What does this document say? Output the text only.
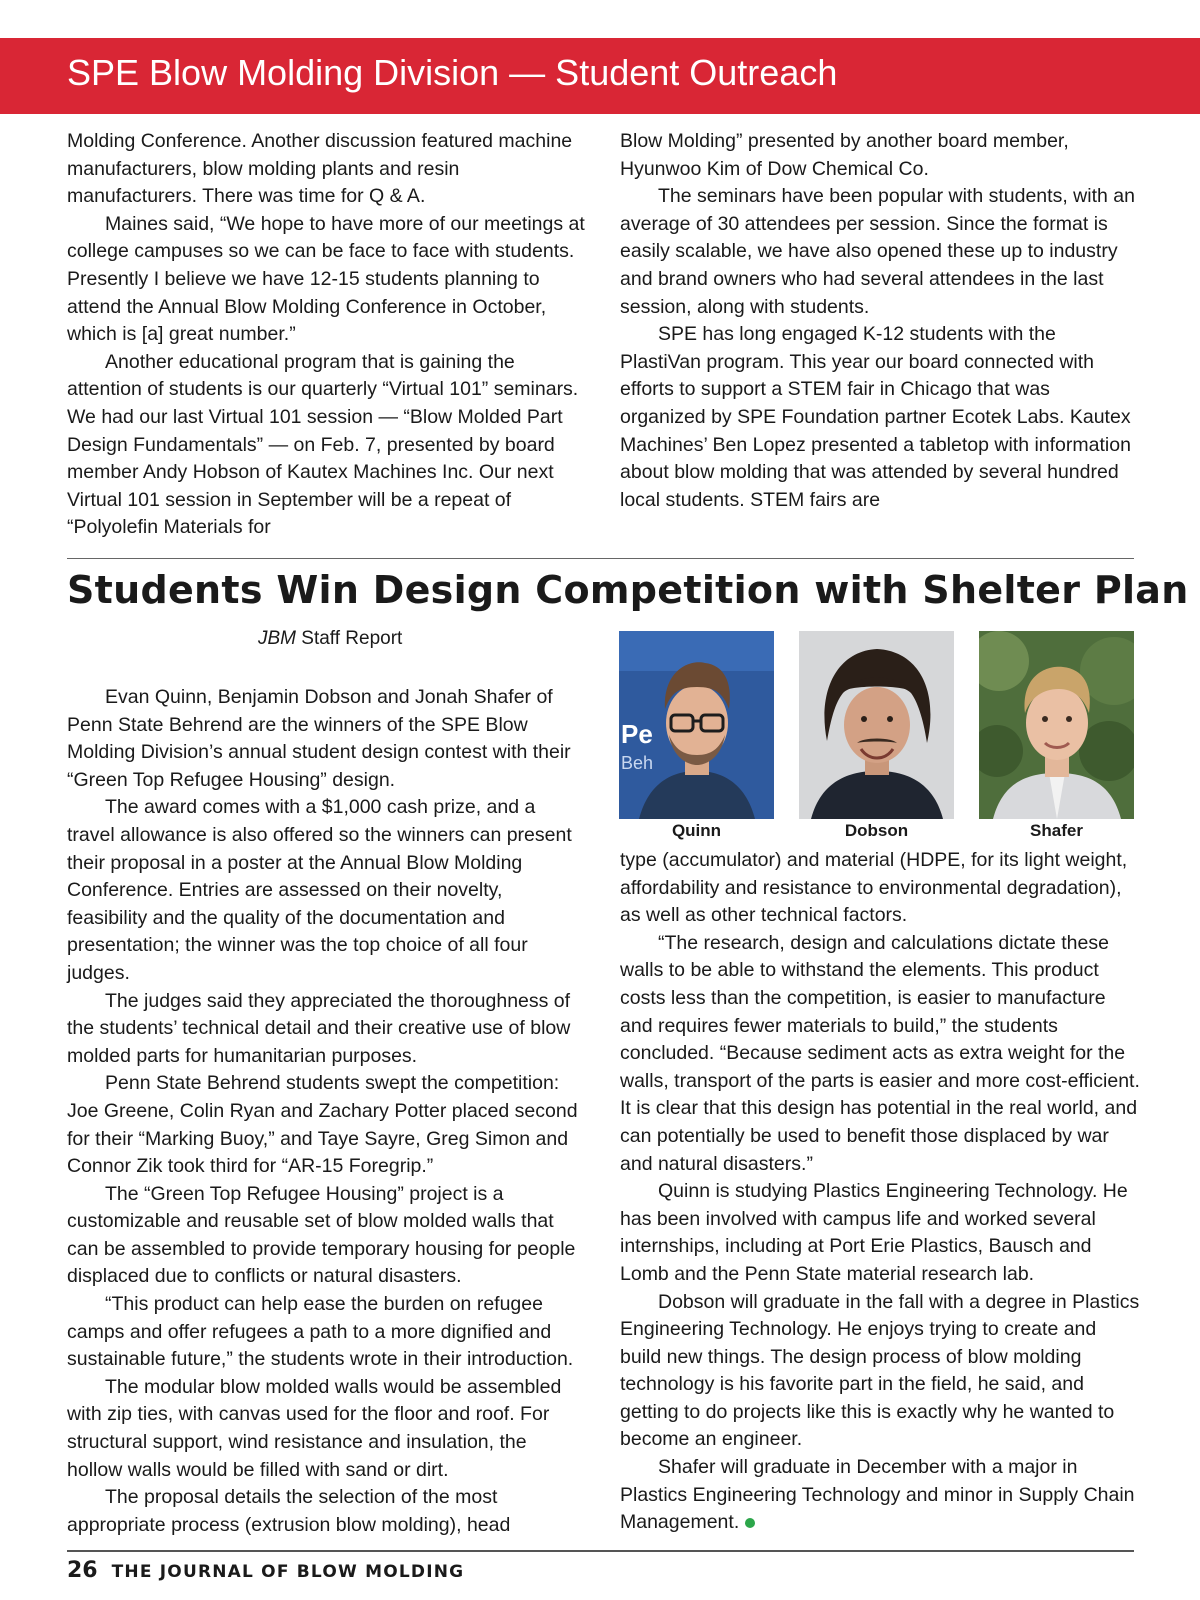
SPE Blow Molding Division — Student Outreach

Molding Conference. Another discussion featured machine manufacturers, blow molding plants and resin manufacturers. There was time for Q & A.

Maines said, “We hope to have more of our meetings at college campuses so we can be face to face with students. Presently I believe we have 12-15 students planning to attend the Annual Blow Molding Conference in October, which is [a] great number.”

Another educational program that is gaining the attention of students is our quarterly “Virtual 101” seminars. We had our last Virtual 101 session — “Blow Molded Part Design Fundamentals” — on Feb. 7, presented by board member Andy Hobson of Kautex Machines Inc. Our next Virtual 101 session in September will be a repeat of “Polyolefin Materials for

Blow Molding” presented by another board member, Hyunwoo Kim of Dow Chemical Co.

The seminars have been popular with students, with an average of 30 attendees per session. Since the format is easily scalable, we have also opened these up to industry and brand owners who had several attendees in the last session, along with students.

SPE has long engaged K-12 students with the PlastiVan program. This year our board connected with efforts to support a STEM fair in Chicago that was organized by SPE Foundation partner Ecotek Labs. Kautex Machines’ Ben Lopez presented a tabletop with information about blow molding that was attended by several hundred local students. STEM fairs are

Students Win Design Competition with Shelter Plan
JBM Staff Report
Pe
Beh
Quinn	Dobson	Shafer

Evan Quinn, Benjamin Dobson and Jonah Shafer of Penn State Behrend are the winners of the SPE Blow Molding Division’s annual student design contest with their “Green Top Refugee Housing” design.

The award comes with a $1,000 cash prize, and a travel allowance is also offered so the winners can present their proposal in a poster at the Annual Blow Molding Conference. Entries are assessed on their novelty, feasibility and the quality of the documentation and presentation; the winner was the top choice of all four judges.

The judges said they appreciated the thoroughness of the students’ technical detail and their creative use of blow molded parts for humanitarian purposes.

Penn State Behrend students swept the competition: Joe Greene, Colin Ryan and Zachary Potter placed second for their “Marking Buoy,” and Taye Sayre, Greg Simon and Connor Zik took third for “AR-15 Foregrip.”

The “Green Top Refugee Housing” project is a customizable and reusable set of blow molded walls that can be assembled to provide temporary housing for people displaced due to conflicts or natural disasters.

“This product can help ease the burden on refugee camps and offer refugees a path to a more dignified and sustainable future,” the students wrote in their introduction.

The modular blow molded walls would be assembled with zip ties, with canvas used for the floor and roof. For structural support, wind resistance and insulation, the hollow walls would be filled with sand or dirt.

The proposal details the selection of the most appropriate process (extrusion blow molding), head

type (accumulator) and material (HDPE, for its light weight, affordability and resistance to environmental degradation), as well as other technical factors.

“The research, design and calculations dictate these walls to be able to withstand the elements. This product costs less than the competition, is easier to manufacture and requires fewer materials to build,” the students concluded. “Because sediment acts as extra weight for the walls, transport of the parts is easier and more cost-efficient. It is clear that this design has potential in the real world, and can potentially be used to benefit those displaced by war and natural disasters.”

Quinn is studying Plastics Engineering Technology. He has been involved with campus life and worked several internships, including at Port Erie Plastics, Bausch and Lomb and the Penn State material research lab.

Dobson will graduate in the fall with a degree in Plastics Engineering Technology. He enjoys trying to create and build new things. The design process of blow molding technology is his favorite part in the field, he said, and getting to do projects like this is exactly why he wanted to become an engineer.

Shafer will graduate in December with a major in Plastics Engineering Technology and minor in Supply Chain Management.

26 THE JOURNAL OF BLOW MOLDING
